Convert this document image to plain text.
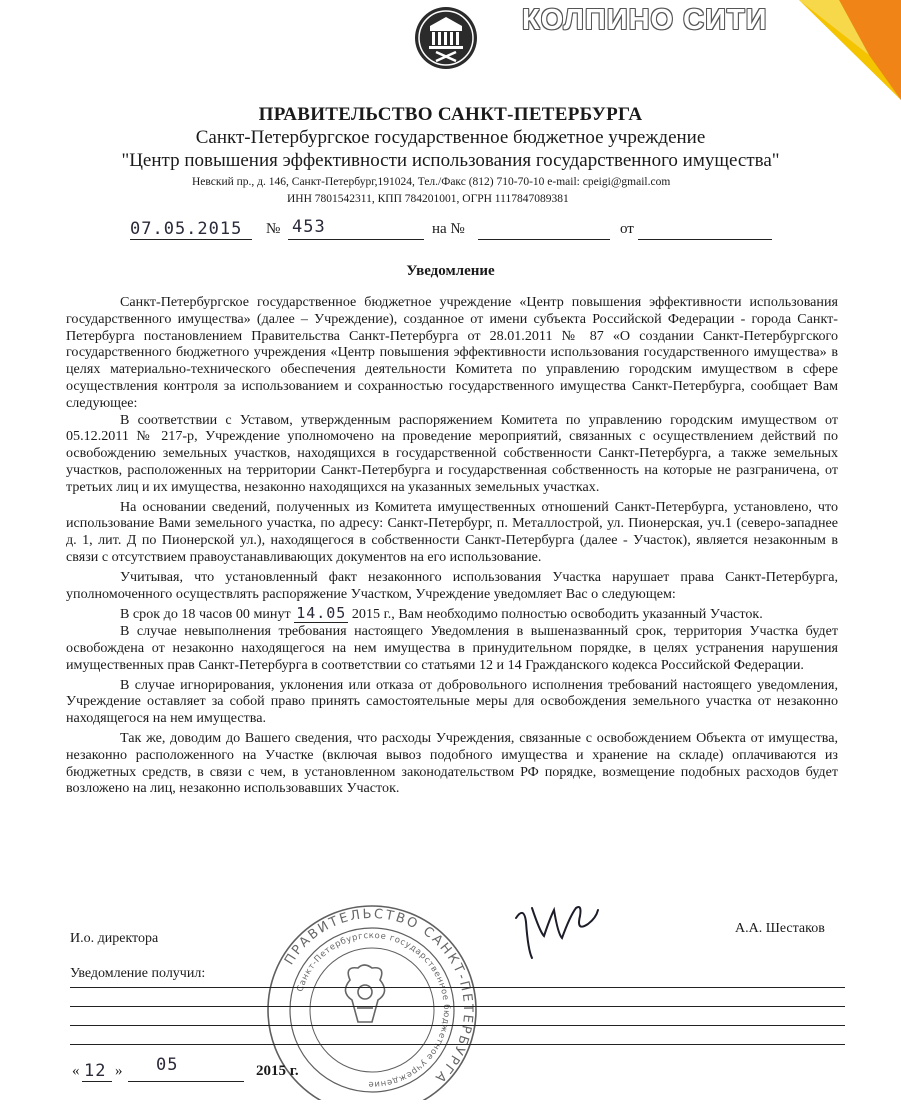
КОЛПИНО СИТИ
ПРАВИТЕЛЬСТВО САНКТ-ПЕТЕРБУРГА
Санкт-Петербургское государственное бюджетное учреждение
"Центр повышения эффективности использования государственного имущества"
Невский пр., д. 146, Санкт-Петербург,191024, Тел./Факс (812) 710-70-10 e-mail: cpeigi@gmail.com
ИНН 7801542311, КПП 784201001, ОГРН 1117847089381
07.05.2015 № 453	на №	от
Уведомление

Санкт-Петербургское государственное бюджетное учреждение «Центр повышения эффективности использования государственного имущества» (далее – Учреждение), созданное от имени субъекта Российской Федерации - города Санкт-Петербурга постановлением Правительства Санкт-Петербурга от 28.01.2011 № 87 «О создании Санкт-Петербургского государственного бюджетного учреждения «Центр повышения эффективности использования государственного имущества» в целях материально-технического обеспечения деятельности Комитета по управлению городским имуществом в сфере осуществления контроля за использованием и сохранностью государственного имущества Санкт-Петербурга, сообщает Вам следующее:

В соответствии с Уставом, утвержденным распоряжением Комитета по управлению городским имуществом от 05.12.2011 № 217-р, Учреждение уполномочено на проведение мероприятий, связанных с осуществлением действий по освобождению земельных участков, находящихся в государственной собственности Санкт-Петербурга, а также земельных участков, расположенных на территории Санкт-Петербурга и государственная собственность на которые не разграничена, от третьих лиц и их имущества, незаконно находящихся на указанных земельных участках.

На основании сведений, полученных из Комитета имущественных отношений Санкт-Петербурга, установлено, что использование Вами земельного участка, по адресу: Санкт-Петербург, п. Металлострой, ул. Пионерская, уч.1 (северо-западнее д. 1, лит. Д по Пионерской ул.), находящегося в собственности Санкт-Петербурга (далее - Участок), является незаконным в связи с отсутствием правоустанавливающих документов на его использование.

Учитывая, что установленный факт незаконного использования Участка нарушает права Санкт-Петербурга, уполномоченного осуществлять распоряжение Участком, Учреждение уведомляет Вас о следующем:

В срок до 18 часов 00 минут 14.05 2015 г., Вам необходимо полностью освободить указанный Участок.

В случае невыполнения требования настоящего Уведомления в вышеназванный срок, территория Участка будет освобождена от незаконно находящегося на нем имущества в принудительном порядке, в целях устранения нарушения имущественных прав Санкт-Петербурга в соответствии со статьями 12 и 14 Гражданского кодекса Российской Федерации.

В случае игнорирования, уклонения или отказа от добровольного исполнения требований настоящего уведомления, Учреждение оставляет за собой право принять самостоятельные меры для освобождения земельного участка от незаконно находящегося на нем имущества.

Так же, доводим до Вашего сведения, что расходы Учреждения, связанные с освобождением Объекта от имущества, незаконно расположенного на Участке (включая вывоз подобного имущества и хранение на складе) оплачиваются из бюджетных средств, в связи с чем, в установленном законодательством РФ порядке, возмещение подобных расходов будет возложено на лиц, незаконно использовавших Участок.

ПРАВИТЕЛЬСТВО САНКТ-ПЕТЕРБУРГА
Санкт-Петербургское государственное бюджетное учреждение
И.о. директора
А.А. Шестаков
Уведомление получил:
« 12 » 05	2015 г.
